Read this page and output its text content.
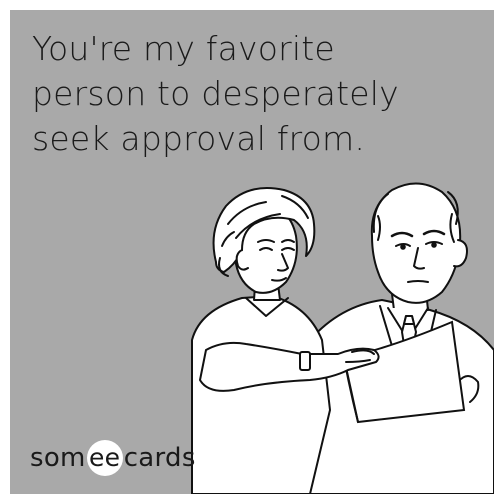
You're my favorite
person to desperately
seek approval from.

som ee cards
